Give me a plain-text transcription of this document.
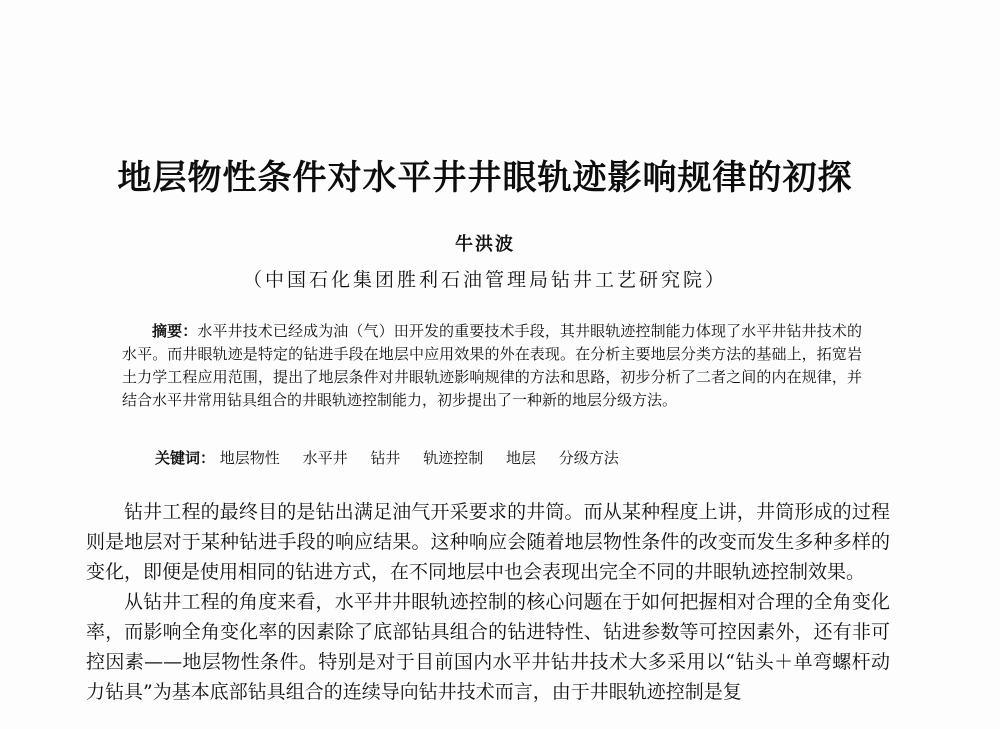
地层物性条件对水平井井眼轨迹影响规律的初探
牛洪波
（中国石化集团胜利石油管理局钻井工艺研究院）
摘要：水平井技术已经成为油（气）田开发的重要技术手段，其井眼轨迹控制能力体现了水平井钻井技术的水平。而井眼轨迹是特定的钻进手段在地层中应用效果的外在表现。在分析主要地层分类方法的基础上，拓宽岩土力学工程应用范围，提出了地层条件对井眼轨迹影响规律的方法和思路，初步分析了二者之间的内在规律，并结合水平井常用钻具组合的井眼轨迹控制能力，初步提出了一种新的地层分级方法。
关键词： 地层物性 水平井 钻井 轨迹控制 地层 分级方法

钻井工程的最终目的是钻出满足油气开采要求的井筒。而从某种程度上讲，井筒形成的过程则是地层对于某种钻进手段的响应结果。这种响应会随着地层物性条件的改变而发生多种多样的变化，即便是使用相同的钻进方式，在不同地层中也会表现出完全不同的井眼轨迹控制效果。

从钻井工程的角度来看，水平井井眼轨迹控制的核心问题在于如何把握相对合理的全角变化率，而影响全角变化率的因素除了底部钻具组合的钻进特性、钻进参数等可控因素外，还有非可控因素——地层物性条件。特别是对于目前国内水平井钻井技术大多采用以“钻头＋单弯螺杆动力钻具”为基本底部钻具组合的连续导向钻井技术而言，由于井眼轨迹控制是复
